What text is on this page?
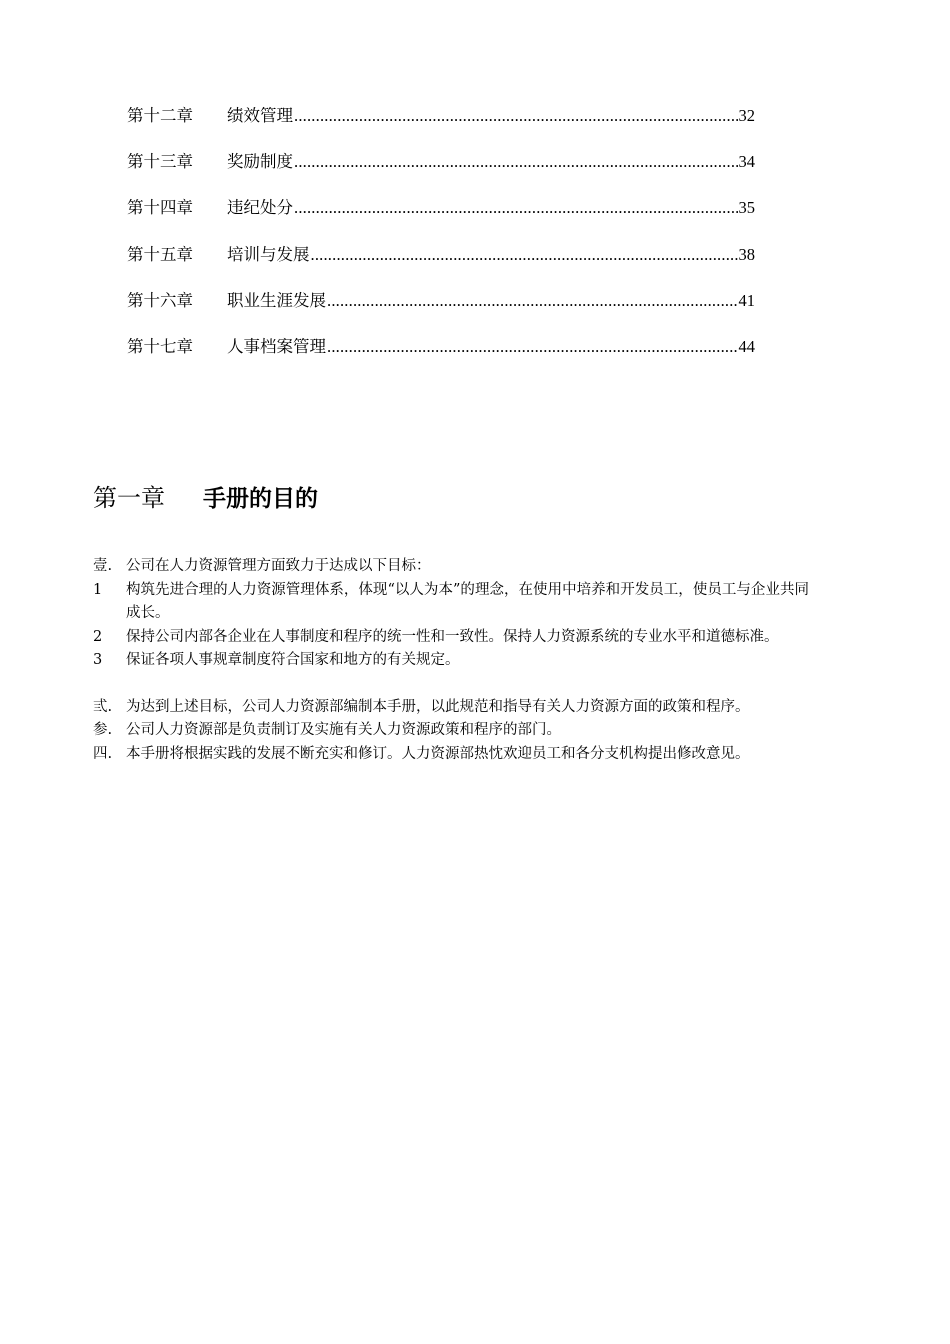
第十二章	绩效管理 .....	32
第十三章	奖励制度 .....	34
第十四章	违纪处分 .....	35
第十五章	培训与发展 .....	38
第十六章	职业生涯发展 .....	41
第十七章	人事档案管理 .....	44
第一章 手册的目的
壹. 公司在人力资源管理方面致力于达成以下目标：
1	构筑先进合理的人力资源管理体系，体现“以人为本”的理念，在使用中培养和开发员工，使员工与企业共同成长。
2	保持公司内部各企业在人事制度和程序的统一性和一致性。保持人力资源系统的专业水平和道德标准。
3	保证各项人事规章制度符合国家和地方的有关规定。
弎. 为达到上述目标，公司人力资源部编制本手册，以此规范和指导有关人力资源方面的政策和程序。
参. 公司人力资源部是负责制订及实施有关人力资源政策和程序的部门。
四. 本手册将根据实践的发展不断充实和修订。人力资源部热忱欢迎员工和各分支机构提出修改意见。
